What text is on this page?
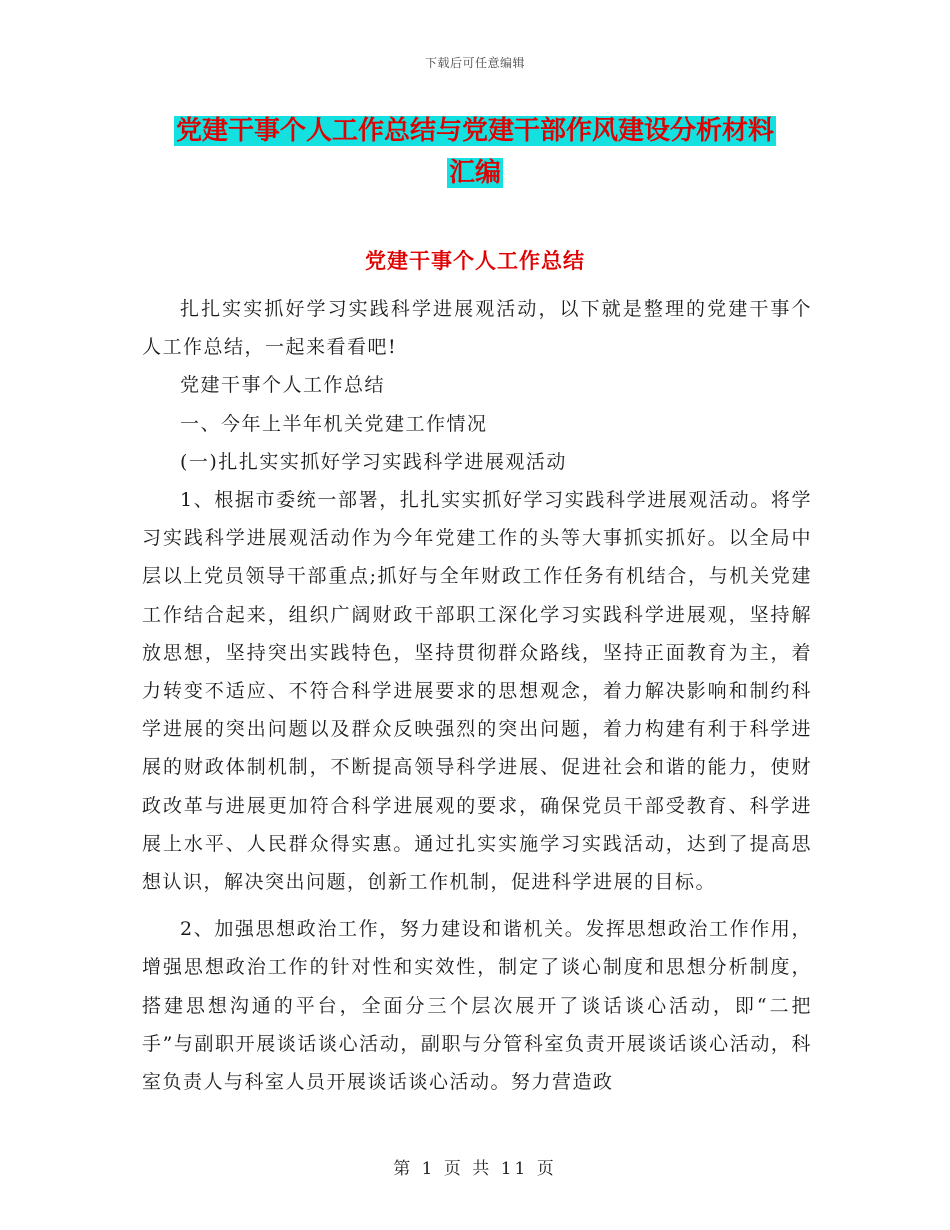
下载后可任意编辑
党建干事个人工作总结与党建干部作风建设分析材料
汇编
党建干事个人工作总结

扎扎实实抓好学习实践科学进展观活动，以下就是整理的党建干事个人工作总结，一起来看看吧!

党建干事个人工作总结

一、今年上半年机关党建工作情况

(一)扎扎实实抓好学习实践科学进展观活动

1、根据市委统一部署，扎扎实实抓好学习实践科学进展观活动。将学习实践科学进展观活动作为今年党建工作的头等大事抓实抓好。以全局中层以上党员领导干部重点;抓好与全年财政工作任务有机结合，与机关党建工作结合起来，组织广阔财政干部职工深化学习实践科学进展观，坚持解放思想，坚持突出实践特色，坚持贯彻群众路线，坚持正面教育为主，着力转变不适应、不符合科学进展要求的思想观念，着力解决影响和制约科学进展的突出问题以及群众反映强烈的突出问题，着力构建有利于科学进展的财政体制机制，不断提高领导科学进展、促进社会和谐的能力，使财政改革与进展更加符合科学进展观的要求，确保党员干部受教育、科学进展上水平、人民群众得实惠。通过扎实实施学习实践活动，达到了提高思想认识，解决突出问题，创新工作机制，促进科学进展的目标。

2、加强思想政治工作，努力建设和谐机关。发挥思想政治工作作用，增强思想政治工作的针对性和实效性，制定了谈心制度和思想分析制度，搭建思想沟通的平台，全面分三个层次展开了谈话谈心活动，即“二把手”与副职开展谈话谈心活动，副职与分管科室负责开展谈话谈心活动，科室负责人与科室人员开展谈话谈心活动。努力营造政

第 1 页 共 11 页
